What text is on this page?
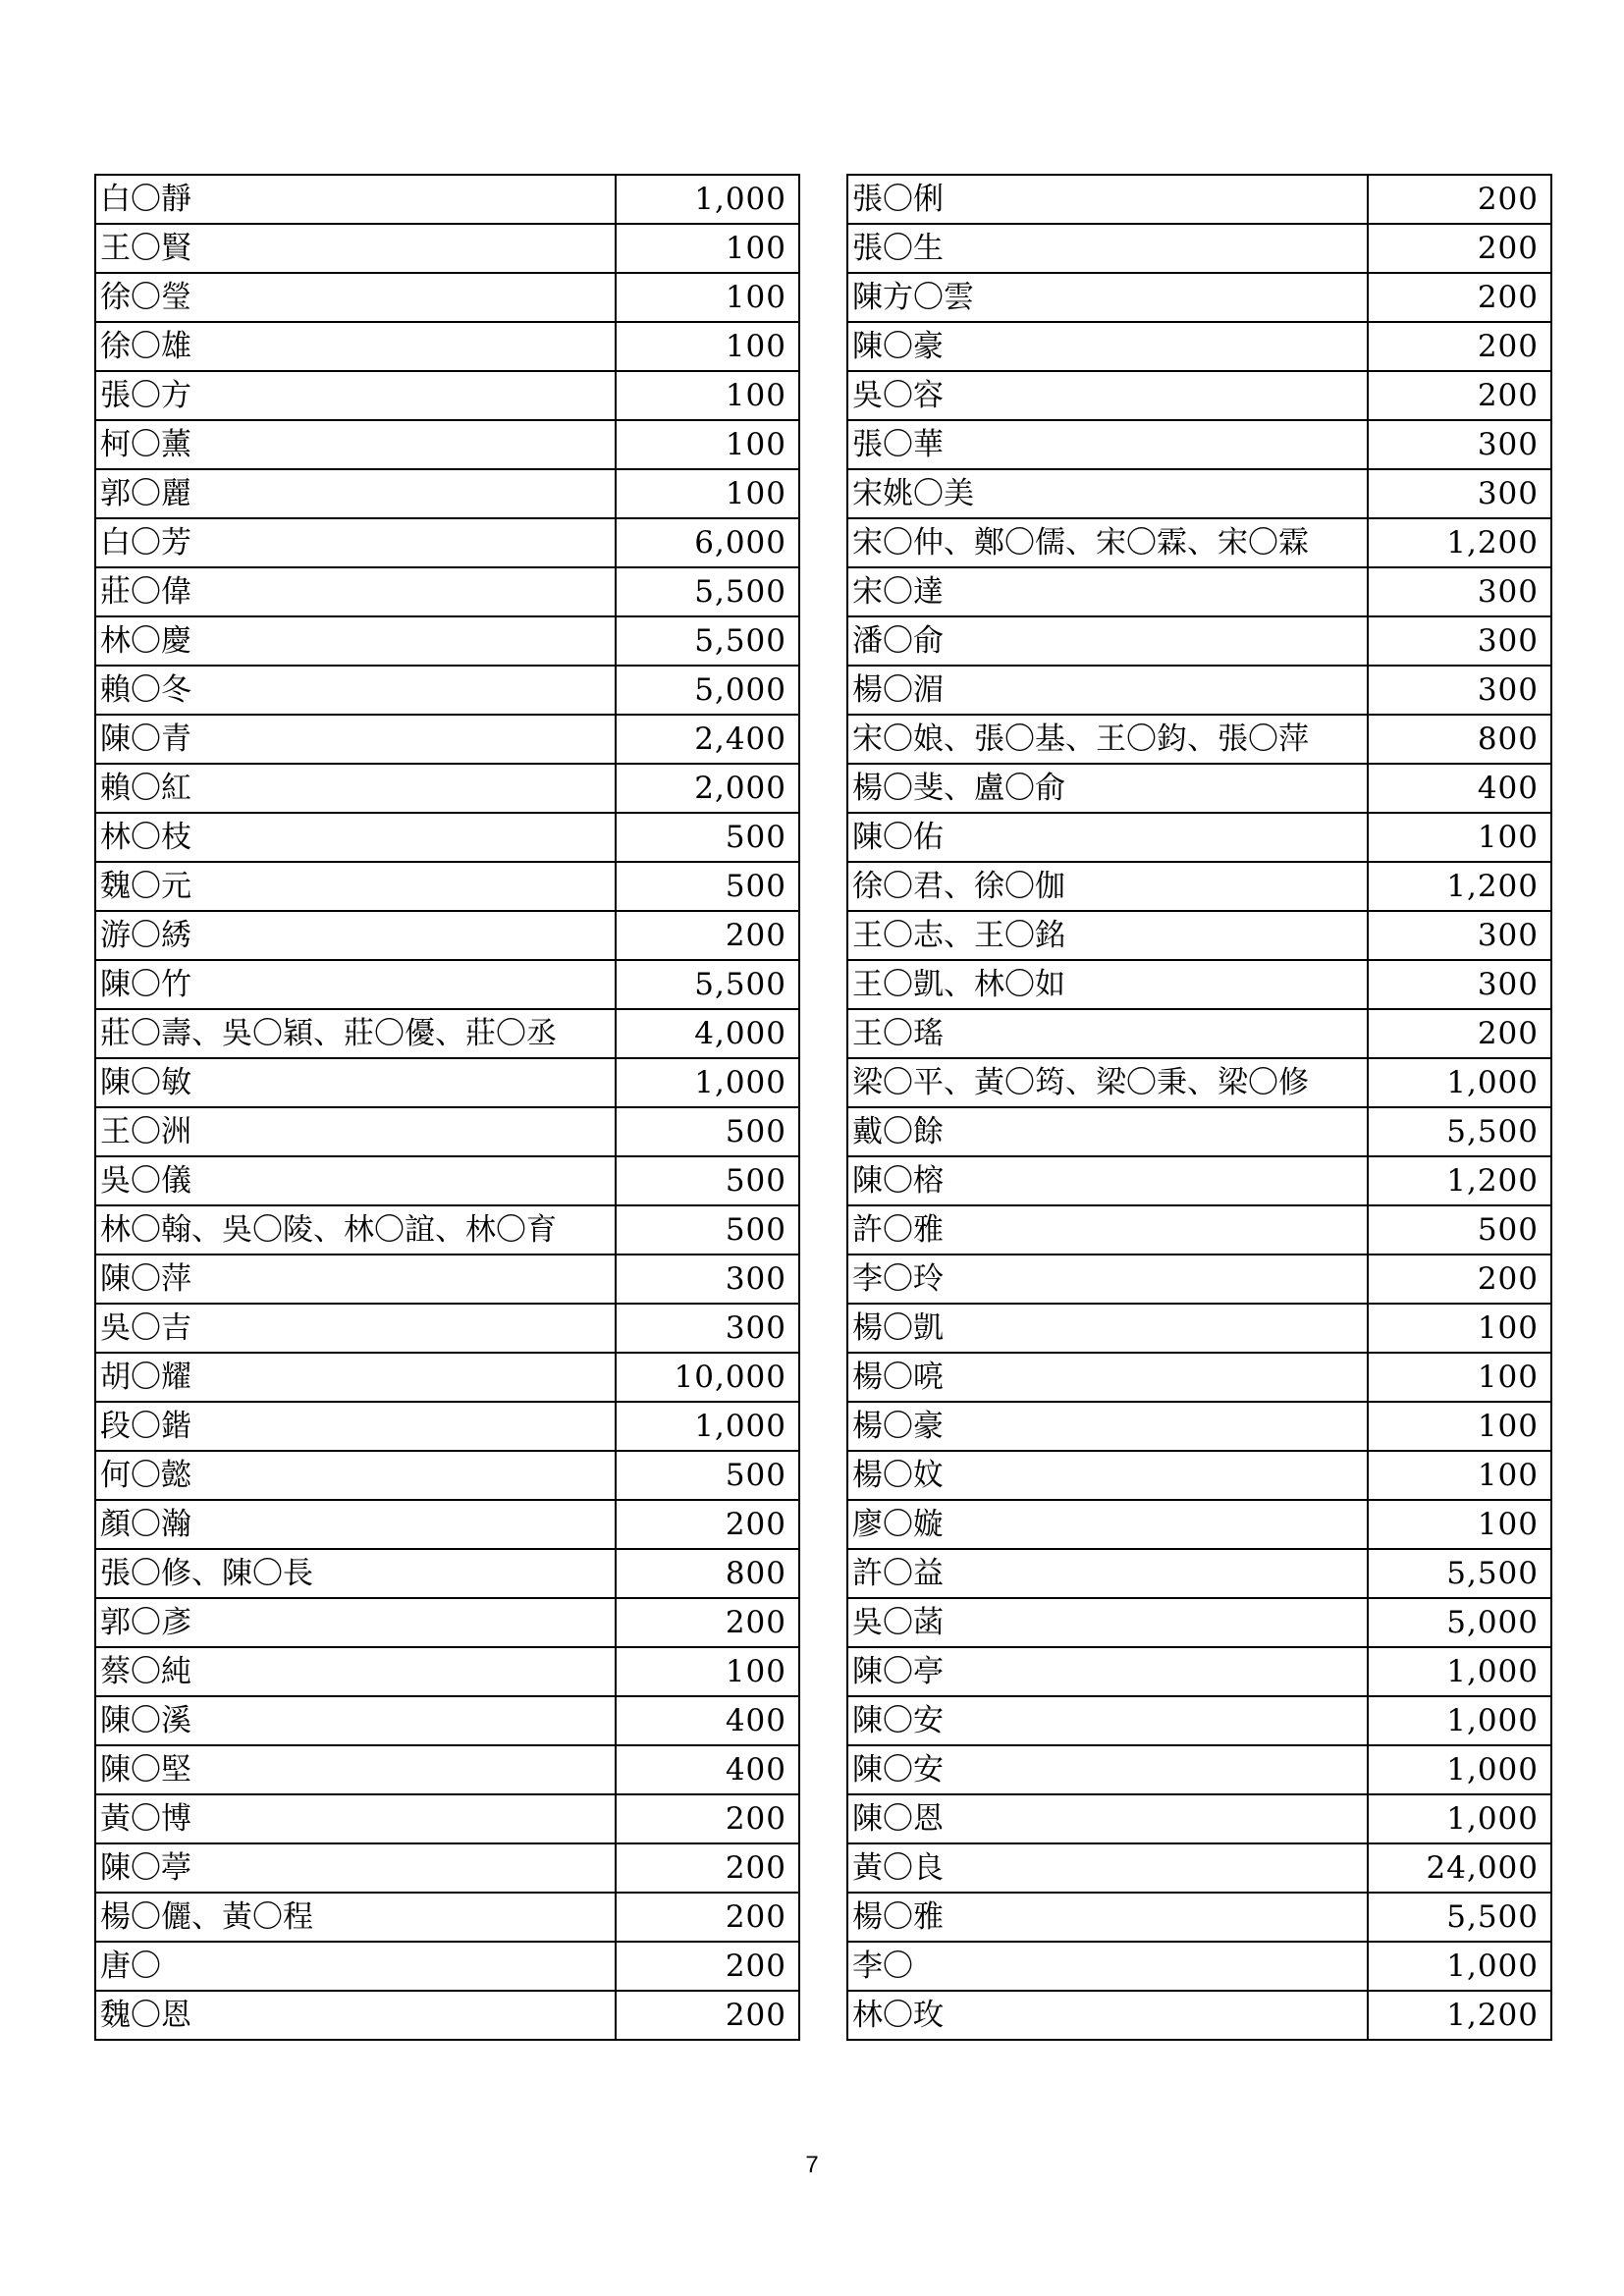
白〇靜	1,000
王〇賢	100
徐〇瑩	100
徐〇雄	100
張〇方	100
柯〇薰	100
郭〇麗	100
白〇芳	6,000
莊〇偉	5,500
林〇慶	5,500
賴〇冬	5,000
陳〇青	2,400
賴〇紅	2,000
林〇枝	500
魏〇元	500
游〇綉	200
陳〇竹	5,500
莊〇壽、吳〇穎、莊〇優、莊〇丞	4,000
陳〇敏	1,000
王〇洲	500
吳〇儀	500
林〇翰、吳〇陵、林〇誼、林〇育	500
陳〇萍	300
吳〇吉	300
胡〇耀	10,000
段〇鍇	1,000
何〇懿	500
顏〇瀚	200
張〇修、陳〇長	800
郭〇彥	200
蔡〇純	100
陳〇溪	400
陳〇堅	400
黃〇博	200
陳〇葶	200
楊〇儷、黃〇程	200
唐〇	200
魏〇恩	200
張〇俐	200
張〇生	200
陳方〇雲	200
陳〇豪	200
吳〇容	200
張〇華	300
宋姚〇美	300
宋〇仲、鄭〇儒、宋〇霖、宋〇霖	1,200
宋〇達	300
潘〇俞	300
楊〇湄	300
宋〇娘、張〇基、王〇鈞、張〇萍	800
楊〇斐、盧〇俞	400
陳〇佑	100
徐〇君、徐〇伽	1,200
王〇志、王〇銘	300
王〇凱、林〇如	300
王〇瑤	200
梁〇平、黃〇筠、梁〇秉、梁〇修	1,000
戴〇餘	5,500
陳〇榕	1,200
許〇雅	500
李〇玲	200
楊〇凱	100
楊〇喨	100
楊〇豪	100
楊〇妏	100
廖〇嫙	100
許〇益	5,500
吳〇菡	5,000
陳〇亭	1,000
陳〇安	1,000
陳〇安	1,000
陳〇恩	1,000
黃〇良	24,000
楊〇雅	5,500
李〇	1,000
林〇玫	1,200
7
